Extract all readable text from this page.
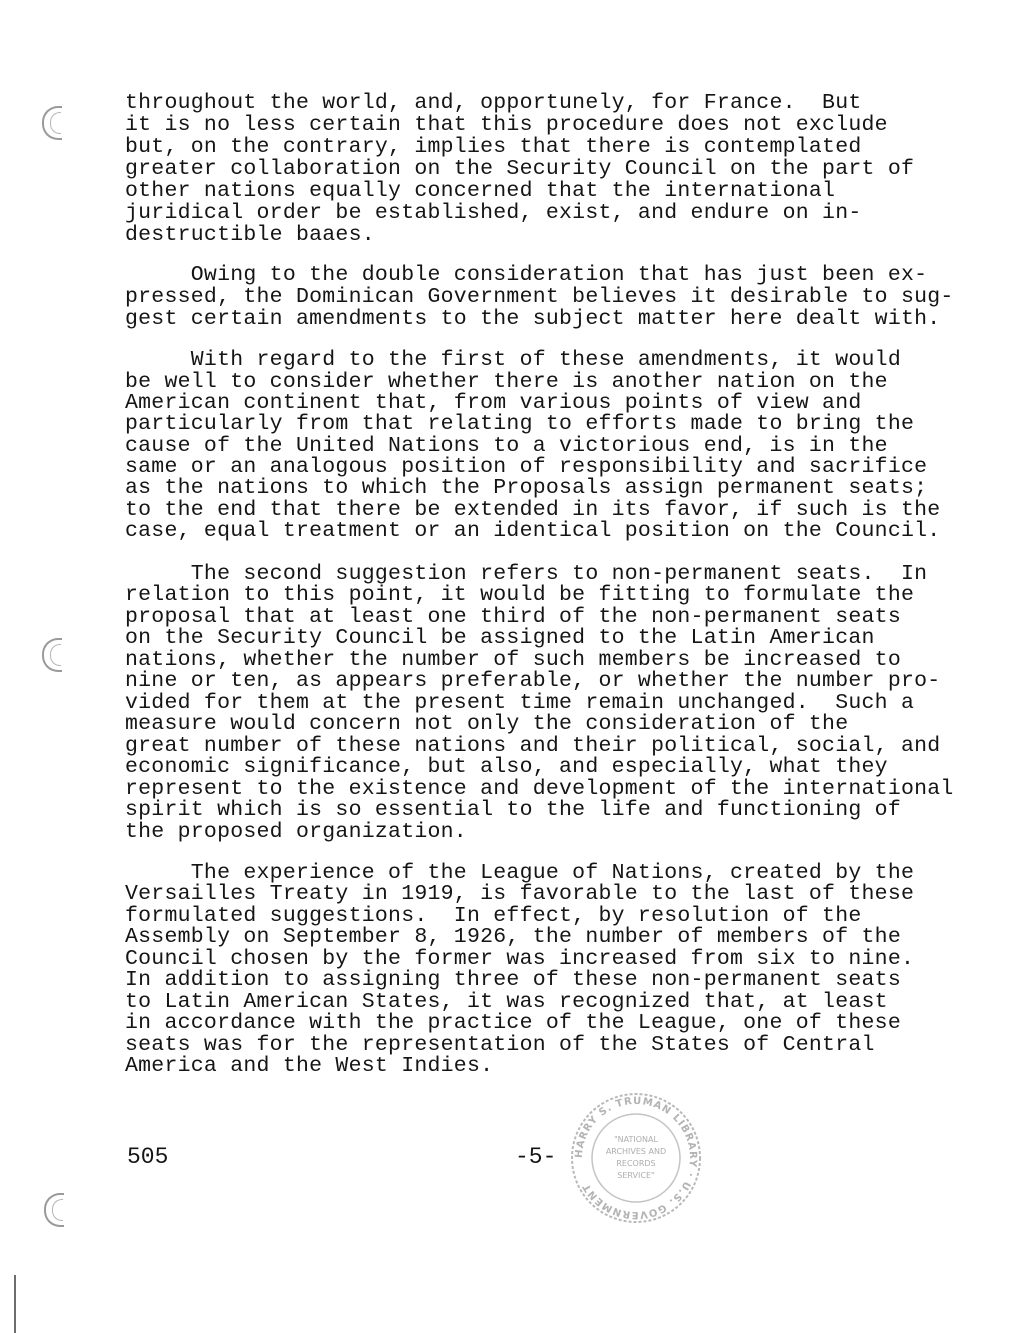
throughout the world, and, opportunely, for France.  But
it is no less certain that this procedure does not exclude
but, on the contrary, implies that there is contemplated
greater collaboration on the Security Council on the part of
other nations equally concerned that the international
juridical order be established, exist, and endure on in-
destructible baaes.
Owing to the double consideration that has just been ex-
pressed, the Dominican Government believes it desirable to sug-
gest certain amendments to the subject matter here dealt with.
With regard to the first of these amendments, it would
be well to consider whether there is another nation on the
American continent that, from various points of view and
particularly from that relating to efforts made to bring the
cause of the United Nations to a victorious end, is in the
same or an analogous position of responsibility and sacrifice
as the nations to which the Proposals assign permanent seats;
to the end that there be extended in its favor, if such is the
case, equal treatment or an identical position on the Council.
The second suggestion refers to non-permanent seats.  In
relation to this point, it would be fitting to formulate the
proposal that at least one third of the non-permanent seats
on the Security Council be assigned to the Latin American
nations, whether the number of such members be increased to
nine or ten, as appears preferable, or whether the number pro-
vided for them at the present time remain unchanged.  Such a
measure would concern not only the consideration of the
great number of these nations and their political, social, and
economic significance, but also, and especially, what they
represent to the existence and development of the international
spirit which is so essential to the life and functioning of
the proposed organization.
The experience of the League of Nations, created by the
Versailles Treaty in 1919, is favorable to the last of these
formulated suggestions.  In effect, by resolution of the
Assembly on September 8, 1926, the number of members of the
Council chosen by the former was increased from six to nine.
In addition to assigning three of these non-permanent seats
to Latin American States, it was recognized that, at least
in accordance with the practice of the League, one of these
seats was for the representation of the States of Central
America and the West Indies.
505	-5- HARRY S. TRUMAN LIBRARY · U.S. GOVERNMENT
"NATIONAL
ARCHIVES AND
RECORDS
SERVICE"
